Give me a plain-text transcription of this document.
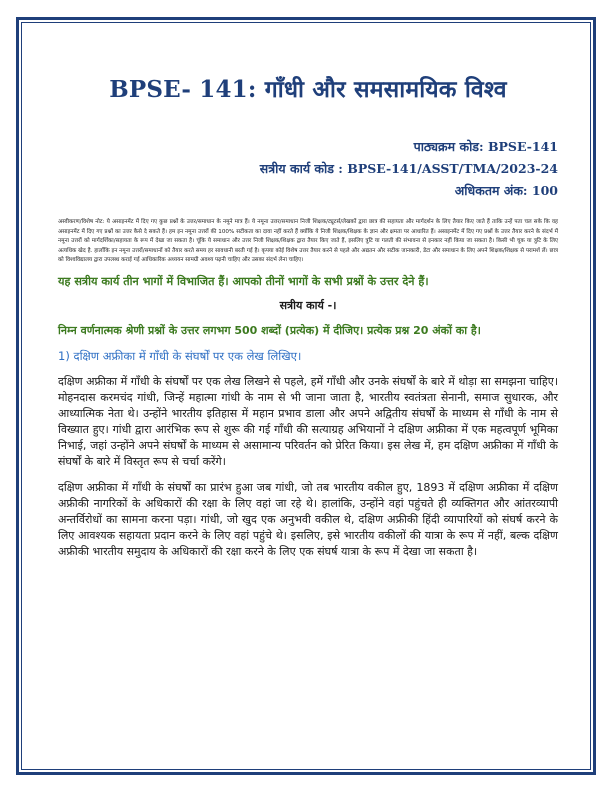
BPSE- 141: गाँधी और समसामयिक विश्व
पाठ्यक्रम कोड: BPSE-141
सत्रीय कार्य कोड : BPSE-141/ASST/TMA/2023-24
अधिकतम अंक: 100
अस्वीकरण/विशेष नोट: ये असाइनमेंट में दिए गए कुछ प्रश्नों के उत्तर/समाधान के नमूने मात्र हैं। ये नमूना उत्तर/समाधान निजी शिक्षक/ट्यूटर्स/लेखकों द्वारा छात्र की सहायता और मार्गदर्शन के लिए तैयार किए जाते हैं ताकि उन्हें पता चल सके कि वह असाइनमेंट में दिए गए प्रश्नों का उत्तर कैसे दे सकते हैं। हम इन नमूना उत्तरों की 100% सटीकता का दावा नहीं करते हैं क्योंकि ये निजी शिक्षक/शिक्षक के ज्ञान और क्षमता पर आधारित हैं। असाइनमेंट में दिए गए प्रश्नों के उत्तर तैयार करने के संदर्भ में नमूना उत्तरों को मार्गदर्शिका/सहायता के रूप में देखा जा सकता है। चूंकि ये समाधान और उत्तर निजी शिक्षक/शिक्षक द्वारा तैयार किए जाते हैं, इसलिए त्रुटि या गलती की संभावना से इनकार नहीं किया जा सकता है। किसी भी चूक या त्रुटि के लिए अत्यधिक खेद है. हालाँकि इन नमूना उत्तरों/समाधानों को तैयार करते समय हर सावधानी बरती गई है। कृपया कोई विशेष उत्तर तैयार करने से पहले और अद्यतन और सटीक जानकारी, डेटा और समाधान के लिए अपने शिक्षक/शिक्षक से परामर्श लें। छात्र को विश्वविद्यालय द्वारा उपलब्ध कराई गई आधिकारिक अध्ययन सामग्री अवश्य पढ़नी चाहिए और उसका संदर्भ लेना चाहिए।
यह सत्रीय कार्य तीन भागों में विभाजित हैं। आपको तीनों भागों के सभी प्रश्नों के उत्तर देने हैं।
सत्रीय कार्य -।
निम्न वर्णनात्मक श्रेणी प्रश्नों के उत्तर लगभग 500 शब्दों (प्रत्येक) में दीजिए। प्रत्येक प्रश्न 20 अंकों का है।
1) दक्षिण अफ्रीका में गाँधी के संघर्षों पर एक लेख लिखिए।
दक्षिण अफ्रीका में गाँधी के संघर्षों पर एक लेख लिखने से पहले, हमें गाँधी और उनके संघर्षों के बारे में थोड़ा सा समझना चाहिए। मोहनदास करमचंद गांधी, जिन्हें महात्मा गांधी के नाम से भी जाना जाता है, भारतीय स्वतंत्रता सेनानी, समाज सुधारक, और आध्यात्मिक नेता थे। उन्होंने भारतीय इतिहास में महान प्रभाव डाला और अपने अद्वितीय संघर्षों के माध्यम से गाँधी के नाम से विख्यात हुए। गांधी द्वारा आरंभिक रूप से शुरू की गई गाँधी की सत्याग्रह अभियानों ने दक्षिण अफ्रीका में एक महत्वपूर्ण भूमिका निभाई, जहां उन्होंने अपने संघर्षों के माध्यम से असामान्य परिवर्तन को प्रेरित किया। इस लेख में, हम दक्षिण अफ्रीका में गाँधी के संघर्षों के बारे में विस्तृत रूप से चर्चा करेंगे।
दक्षिण अफ्रीका में गाँधी के संघर्षों का प्रारंभ हुआ जब गांधी, जो तब भारतीय वकील हुए, 1893 में दक्षिण अफ्रीका में दक्षिण अफ्रीकी नागरिकों के अधिकारों की रक्षा के लिए वहां जा रहे थे। हालांकि, उन्होंने वहां पहुंचते ही व्यक्तिगत और आंतरव्यापी अन्तर्विरोधों का सामना करना पड़ा। गांधी, जो खुद एक अनुभवी वकील थे, दक्षिण अफ्रीकी हिंदी व्यापारियों को संघर्ष करने के लिए आवश्यक सहायता प्रदान करने के लिए वहां पहुंचे थे। इसलिए, इसे भारतीय वकीलों की यात्रा के रूप में नहीं, बल्क दक्षिण अफ्रीकी भारतीय समुदाय के अधिकारों की रक्षा करने के लिए एक संघर्ष यात्रा के रूप में देखा जा सकता है।
